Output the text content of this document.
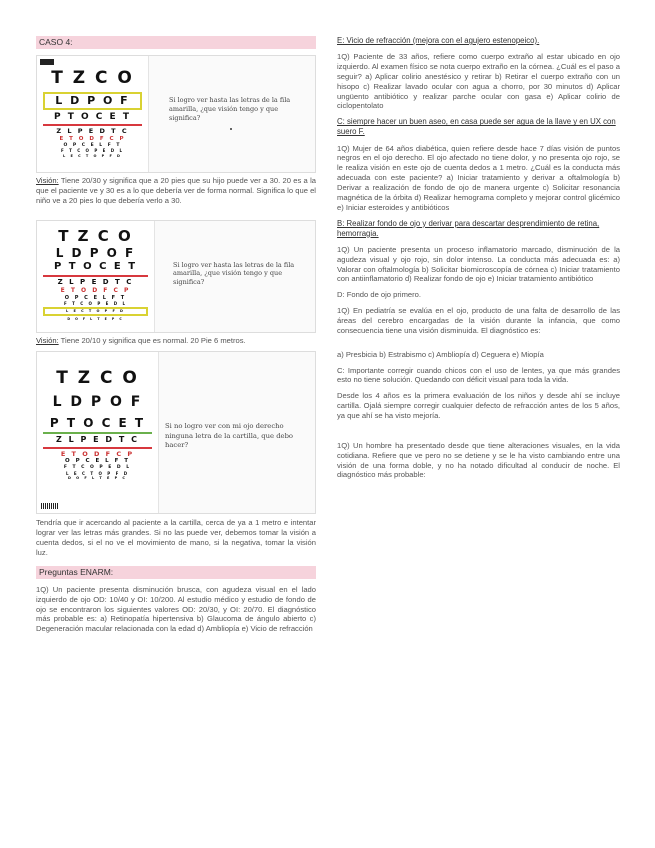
CASO 4:
T Z C O
L D P O F
P T O C E T
Z L P E D T C
E T O D F C P
O P C E L F T
F T C O P E D L
L E C T O P F D
Si logro ver hasta las letras de la fila amarilla, ¿que visión tengo y que significa?
Visión: Tiene 20/30 y significa que a 20 pies que su hijo puede ver a 30. 20 es a la que el paciente ve y 30 es a lo que debería ver de forma normal. Significa lo que el niño ve a 20 pies lo que debería verlo a 30.
T Z C O
L D P O F
P T O C E T
Z L P E D T C
E T O D F C P
O P C E L F T
F T C O P E D L
L E C T O P F D
D O F L T E P C
Si logro ver hasta las letras de la fila amarilla, ¿que visión tengo y que significa?
Visión: Tiene 20/10 y significa que es normal. 20 Pie 6 metros.
T Z C O
L D P O F
P T O C E T
Z L P E D T C
E T O D F C P
O P C E L F T
F T C O P E D L
L E C T O P F D
D O F L T E P C
Si no logro ver con mi ojo derecho ninguna letra de la cartilla, que debo hacer?
Tendría que ir acercando al paciente a la cartilla, cerca de ya a 1 metro e intentar lograr ver las letras más grandes. Si no las puede ver, debemos tomar la visión a cuenta dedos, si el no ve el movimiento de mano, si la negativa, tomar la visión luz.
Preguntas ENARM:
1Q) Un paciente presenta disminución brusca, con agudeza visual en el lado izquierdo de ojo OD: 10/40 y OI: 10/200. Al estudio médico y estudio de fondo de ojo se encontraron los siguientes valores OD: 20/30, y OI: 20/70. El diagnóstico más probable es: a) Retinopatía hipertensiva b) Glaucoma de ángulo abierto c) Degeneración macular relacionada con la edad d) Ambliopía e) Vicio de refracción
E: Vicio de refracción (mejora con el agujero estenopeico).
1Q) Paciente de 33 años, refiere como cuerpo extraño al estar ubicado en ojo izquierdo. Al examen físico se nota cuerpo extraño en la córnea. ¿Cuál es el paso a seguir? a) Aplicar colirio anestésico y retirar b) Retirar el cuerpo extraño con un hisopo c) Realizar lavado ocular con agua a chorro, por 30 minutos d) Aplicar ungüento antibiótico y realizar parche ocular con gasa e) Aplicar colirio de ciclopentolato
C: siempre hacer un buen aseo, en casa puede ser agua de la llave y en UX con suero F.
1Q) Mujer de 64 años diabética, quien refiere desde hace 7 días visión de puntos negros en el ojo derecho. El ojo afectado no tiene dolor, y no presenta ojo rojo, se le realiza visión en este ojo de cuenta dedos a 1 metro. ¿Cuál es la conducta más adecuada con este paciente? a) Iniciar tratamiento y derivar a oftalmología b) Derivar a realización de fondo de ojo de manera urgente c) Solicitar resonancia magnética de la órbita d) Realizar hemograma completo y mejorar control glicémico e) Iniciar esteroides y antibióticos
B: Realizar fondo de ojo y derivar para descartar desprendimiento de retina, hemorragia.
1Q) Un paciente presenta un proceso inflamatorio marcado, disminución de la agudeza visual y ojo rojo, sin dolor intenso. La conducta más adecuada es: a) Valorar con oftalmología b) Solicitar biomicroscopía de córnea c) Iniciar tratamiento con antiinflamatorio d) Realizar fondo de ojo e) Iniciar tratamiento antibiótico
D: Fondo de ojo primero.
1Q) En pediatría se evalúa en el ojo, producto de una falta de desarrollo de las áreas del cerebro encargadas de la visión durante la infancia, que como consecuencia tiene una visión disminuida. El diagnóstico es:
a) Presbicia b) Estrabismo c) Ambliopía d) Ceguera e) Miopía
C: Importante corregir cuando chicos con el uso de lentes, ya que más grandes esto no tiene solución. Quedando con déficit visual para toda la vida.
Desde los 4 años es la primera evaluación de los niños y desde ahí se incluye cartilla. Ojalá siempre corregir cualquier defecto de refracción antes de los 5 años, ya que ahí se ha visto mejoría.
1Q) Un hombre ha presentado desde que tiene alteraciones visuales, en la vida cotidiana. Refiere que ve pero no se detiene y se le ha visto cambiando entre una visión de una forma doble, y no ha notado dificultad al conducir de noche. El diagnóstico más probable:
